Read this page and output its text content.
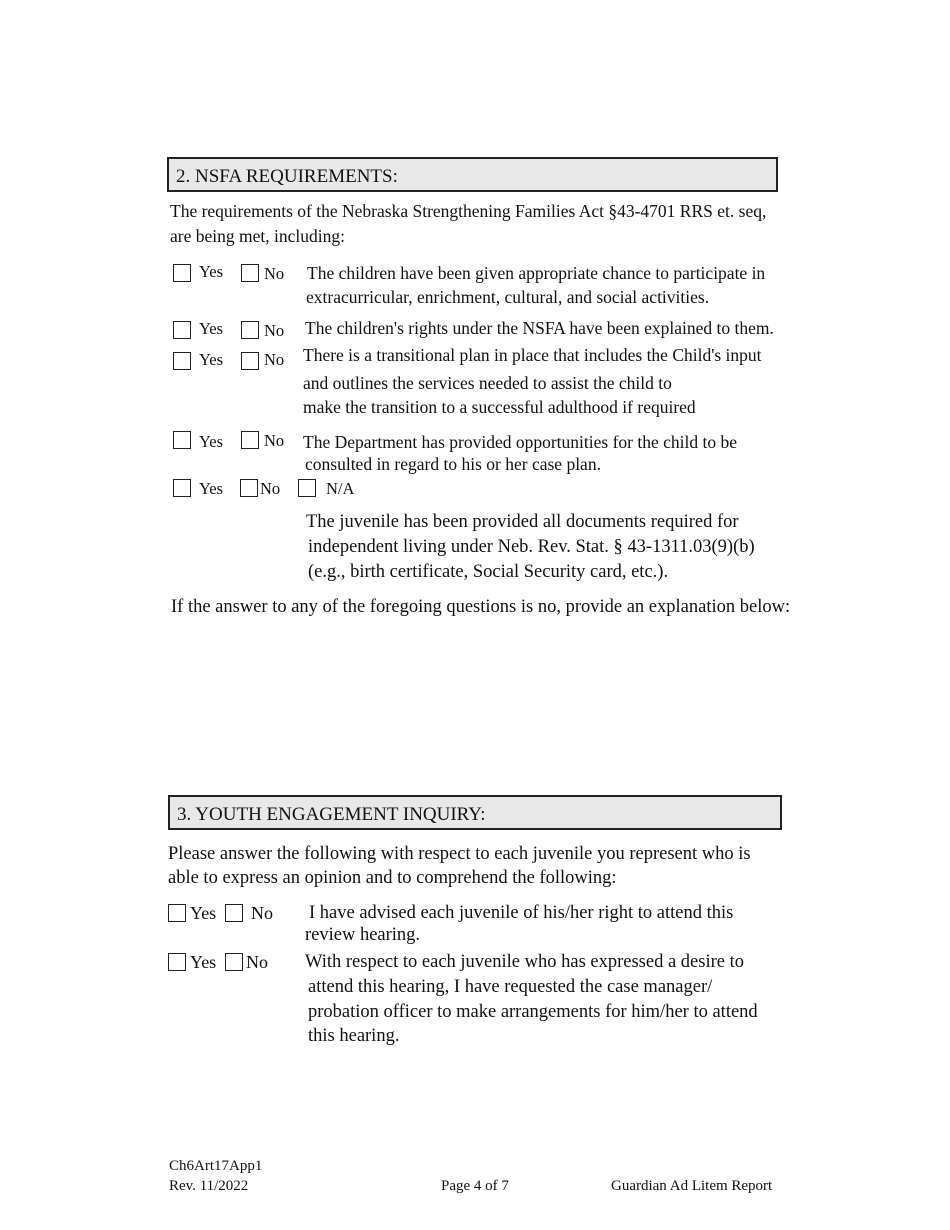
2. NSFA REQUIREMENTS:
The requirements of the Nebraska Strengthening Families Act §43-4701 RRS et. seq,
are being met, including:
Yes No The children have been given appropriate chance to participate in
extracurricular, enrichment, cultural, and social activities.
Yes No The children's rights under the NSFA have been explained to them.
Yes No There is a transitional plan in place that includes the Child's input
and outlines the services needed to assist the child to
make the transition to a successful adulthood if required
Yes No The Department has provided opportunities for the child to be
consulted in regard to his or her case plan.
Yes No	N/A
The juvenile has been provided all documents required for
independent living under Neb. Rev. Stat. § 43-1311.03(9)(b)
(e.g., birth certificate, Social Security card, etc.).
If the answer to any of the foregoing questions is no, provide an explanation below:
3. YOUTH ENGAGEMENT INQUIRY:
Please answer the following with respect to each juvenile you represent who is
able to express an opinion and to comprehend the following:
Yes No I have advised each juvenile of his/her right to attend this
review hearing.
Yes No With respect to each juvenile who has expressed a desire to
attend this hearing, I have requested the case manager/
probation officer to make arrangements for him/her to attend
this hearing.
Ch6Art17App1
Rev. 11/2022	Page 4 of 7	Guardian Ad Litem Report
